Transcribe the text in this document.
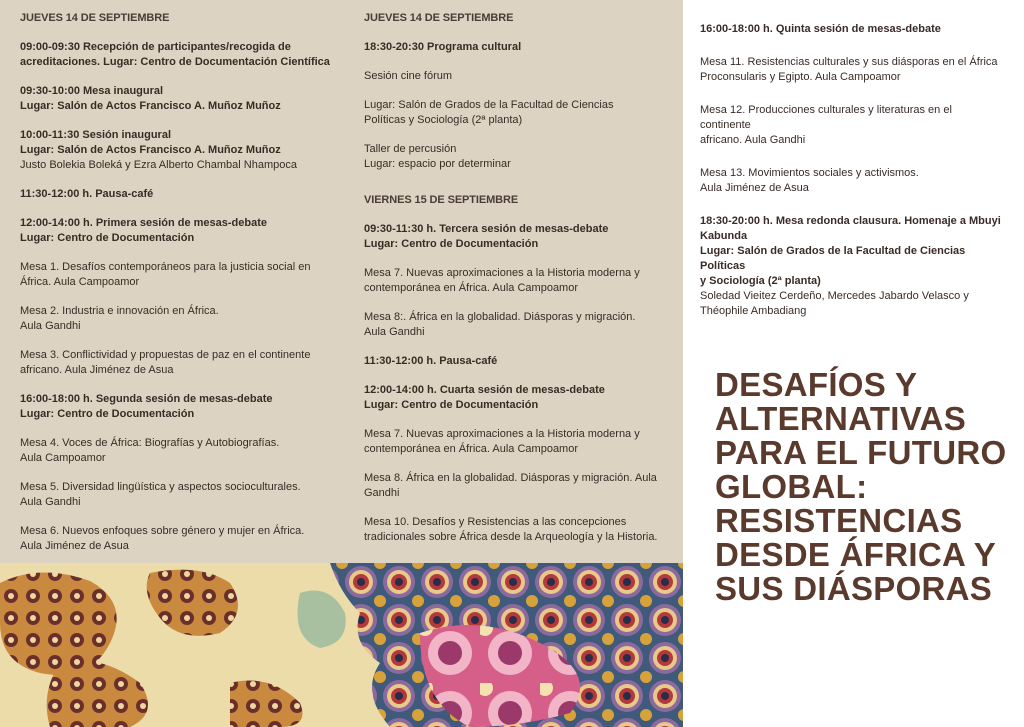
JUEVES 14 DE SEPTIEMBRE
09:00-09:30 Recepción de participantes/recogida de
acreditaciones. Lugar: Centro de Documentación Científica
09:30-10:00 Mesa inaugural
Lugar: Salón de Actos Francisco A. Muñoz Muñoz
10:00-11:30 Sesión inaugural
Lugar: Salón de Actos Francisco A. Muñoz Muñoz
Justo Bolekia Boleká y Ezra Alberto Chambal Nhampoca
11:30-12:00 h. Pausa-café
12:00-14:00 h. Primera sesión de mesas-debate
Lugar: Centro de Documentación
Mesa 1. Desafíos contemporáneos para la justicia social en
África. Aula Campoamor
Mesa 2. Industria e innovación en África.
Aula Gandhi
Mesa 3. Conflictividad y propuestas de paz en el continente
africano. Aula Jiménez de Asua
16:00-18:00 h. Segunda sesión de mesas-debate
Lugar: Centro de Documentación
Mesa 4. Voces de África: Biografías y Autobiografías.
Aula Campoamor
Mesa 5. Diversidad lingüística y aspectos socioculturales.
Aula Gandhi
Mesa 6. Nuevos enfoques sobre género y mujer en África.
Aula Jiménez de Asua
JUEVES 14 DE SEPTIEMBRE
18:30-20:30 Programa cultural
Sesión cine fórum
Lugar: Salón de Grados de la Facultad de Ciencias
Políticas y Sociología (2ª planta)
Taller de percusión
Lugar: espacio por determinar
VIERNES 15 DE SEPTIEMBRE
09:30-11:30 h. Tercera sesión de mesas-debate
Lugar: Centro de Documentación
Mesa 7. Nuevas aproximaciones a la Historia moderna y
contemporánea en África. Aula Campoamor
Mesa 8:. África en la globalidad. Diásporas y migración.
Aula Gandhi
11:30-12:00 h. Pausa-café
12:00-14:00 h. Cuarta sesión de mesas-debate
Lugar: Centro de Documentación
Mesa 7. Nuevas aproximaciones a la Historia moderna y
contemporánea en África. Aula Campoamor
Mesa 8. África en la globalidad. Diásporas y migración. Aula
Gandhi
Mesa 10. Desafíos y Resistencias a las concepciones
tradicionales sobre África desde la Arqueología y la Historia.
16:00-18:00 h. Quinta sesión de mesas-debate
Mesa 11. Resistencias culturales y sus diásporas en el África
Proconsularis y Egipto. Aula Campoamor
Mesa 12. Producciones culturales y literaturas en el continente
africano. Aula Gandhi
Mesa 13. Movimientos sociales y activismos.
Aula Jiménez de Asua
18:30-20:00 h. Mesa redonda clausura. Homenaje a Mbuyi
Kabunda
Lugar: Salón de Grados de la Facultad de Ciencias Políticas
y Sociología (2ª planta)
Soledad Vieitez Cerdeño, Mercedes Jabardo Velasco y
Théophile Ambadiang
DESAFÍOS Y
ALTERNATIVAS
PARA EL FUTURO
GLOBAL:
RESISTENCIAS
DESDE ÁFRICA Y
SUS DIÁSPORAS
